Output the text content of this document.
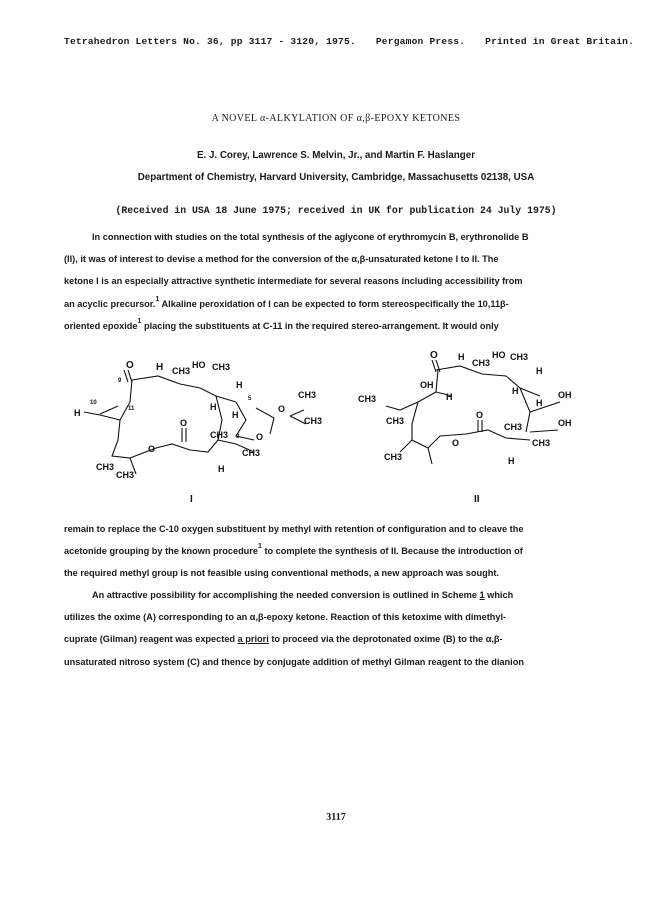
Tetrahedron Letters No. 36, pp 3117 - 3120, 1975. Pergamon Press. Printed in Great Britain.
A NOVEL α-ALKYLATION OF α,β-EPOXY KETONES
E. J. Corey, Lawrence S. Melvin, Jr., and Martin F. Haslanger
Department of Chemistry, Harvard University, Cambridge, Massachusetts 02138, USA
(Received in USA 18 June 1975; received in UK for publication 24 July 1975)
In connection with studies on the total synthesis of the aglycone of erythromycin B, erythronolide B
(II), it was of interest to devise a method for the conversion of the α,β-unsaturated ketone I to II. The
ketone I is an especially attractive synthetic intermediate for several reasons including accessibility from
an acyclic precursor.$^1$ Alkaline peroxidation of I can be expected to form stereospecifically the 10,11β-
oriented epoxide$^1$ placing the substituents at C-11 in the required stereo-arrangement. It would only
O
9
H CH3
HO CH3
H
5	CH3
10
11
H
H	O
CH3
H
O
CH3 3 O
O	CH3
CH3
CH3
H
I
O H
CH3
HO CH3
H
OH
CH3	H
H	OH
H
O
OH
CH3
CH3
O	CH3
CH3	H
II
remain to replace the C-10 oxygen substituent by methyl with retention of configuration and to cleave the
acetonide grouping by the known procedure$^1$ to complete the synthesis of II. Because the introduction of
the required methyl group is not feasible using conventional methods, a new approach was sought.
An attractive possibility for accomplishing the needed conversion is outlined in Scheme 1 which
utilizes the oxime (A) corresponding to an α,β-epoxy ketone. Reaction of this ketoxime with dimethyl-
cuprate (Gilman) reagent was expected a priori to proceed via the deprotonated oxime (B) to the α,β-
unsaturated nitroso system (C) and thence by conjugate addition of methyl Gilman reagent to the dianion
3117
